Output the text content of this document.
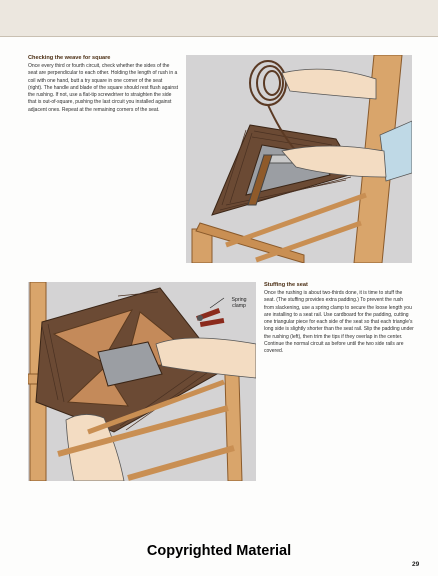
Checking the weave for square
Once every third or fourth circuit, check whether the sides of the seat are perpendicular to each other. Holding the length of rush in a coil with one hand, butt a try square in one corner of the seat (right). The handle and blade of the square should rest flush against the rushing. If not, use a flat-tip screwdriver to straighten the side that is out-of-square, pushing the last circuit you installed against adjacent ones. Repeat at the remaining corners of the seat.
Spring clamp
Stuffing the seat
Once the rushing is about two-thirds done, it is time to stuff the seat. (The stuffing provides extra padding.) To prevent the rush from slackening, use a spring clamp to secure the loose length you are installing to a seat rail. Use cardboard for the padding, cutting one triangular piece for each side of the seat so that each triangle's long side is slightly shorter than the seat rail. Slip the padding under the rushing (left), then trim the tips if they overlap in the center. Continue the normal circuit as before until the two side rails are covered.
Copyrighted Material
29
